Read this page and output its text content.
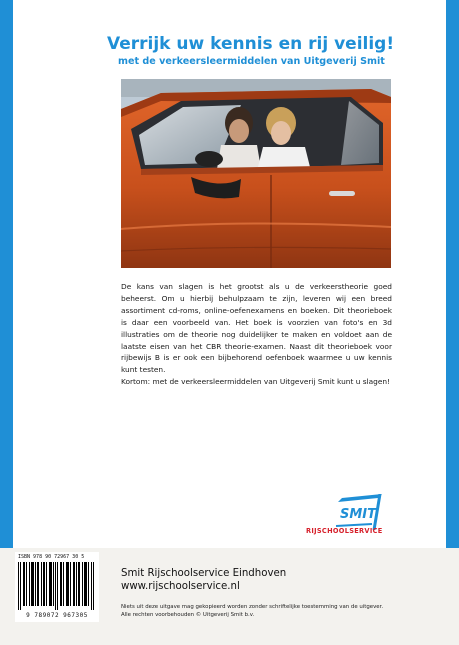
Verrijk uw kennis en rij veilig!
met de verkeersleermiddelen van Uitgeverij Smit

De kans van slagen is het grootst als u de verkeerstheorie goed beheerst. Om u hierbij behulpzaam te zijn, leveren wij een breed assortiment cd-roms, online-oefenexamens en boeken. Dit theorieboek is daar een voorbeeld van. Het boek is voorzien van foto's en 3d illustraties om de theorie nog duidelijker te maken en voldoet aan de laatste eisen van het CBR theorie-examen. Naast dit theorieboek voor rijbewijs B is er ook een bijbehorend oefenboek waarmee u uw kennis kunt testen.

Kortom: met de verkeersleermiddelen van Uitgeverij Smit kunt u slagen!

SMIT
RIJSCHOOLSERVICE
ISBN 978 90 72967 30 5
9 789072 967305
Smit Rijschoolservice Eindhoven
www.rijschoolservice.nl

Niets uit deze uitgave mag gekopieerd worden zonder schriftelijke toestemming van de uitgever.

Alle rechten voorbehouden © Uitgeverij Smit b.v.
